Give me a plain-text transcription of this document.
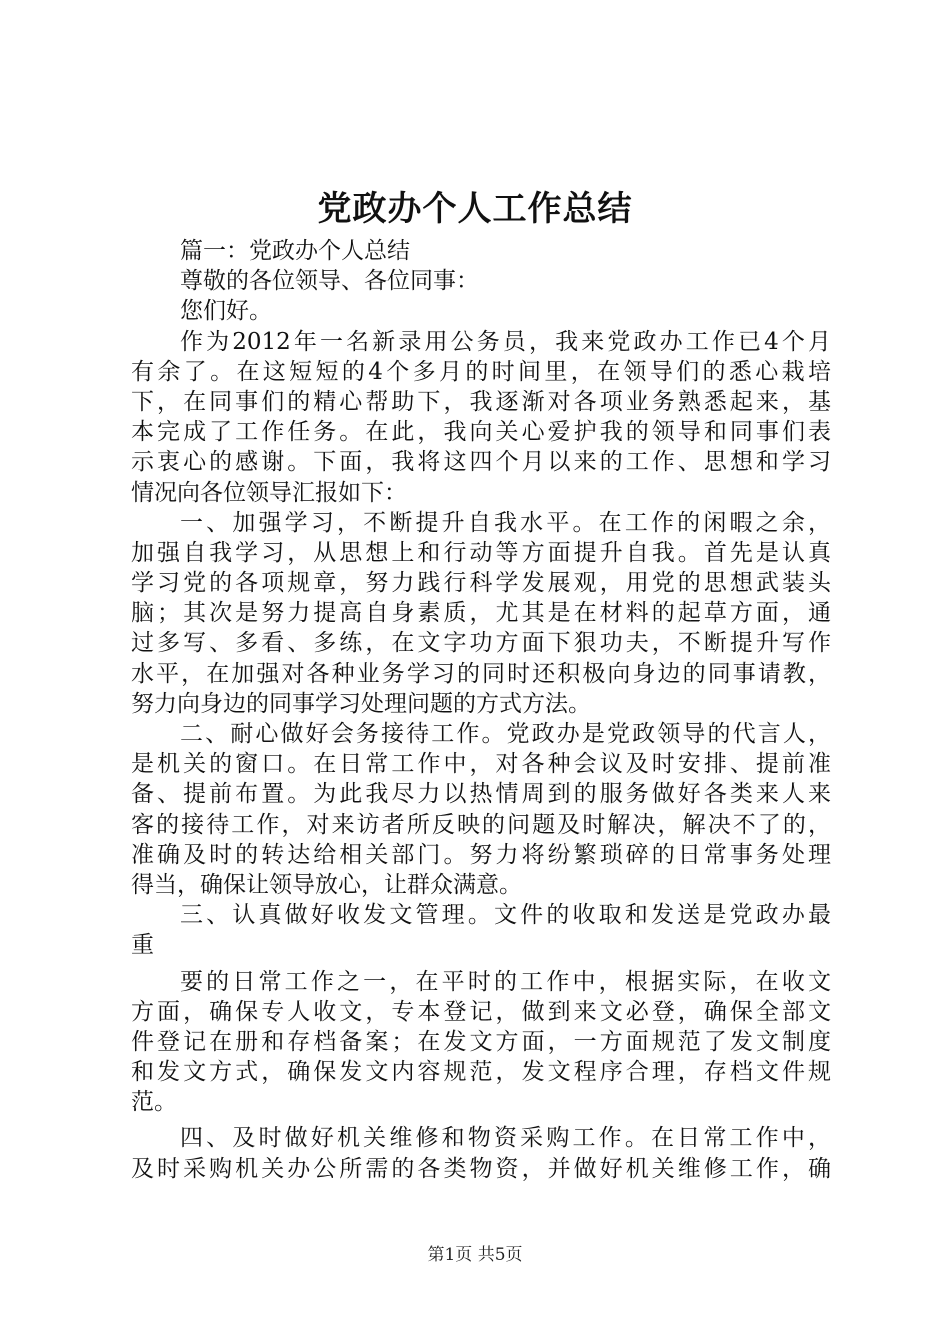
党政办个人工作总结
篇一：党政办个人总结
尊敬的各位领导、各位同事：
您们好。
作为2012年一名新录用公务员，我来党政办工作已4个月
有余了。在这短短的4个多月的时间里，在领导们的悉心栽培
下，在同事们的精心帮助下，我逐渐对各项业务熟悉起来，基
本完成了工作任务。在此，我向关心爱护我的领导和同事们表
示衷心的感谢。下面，我将这四个月以来的工作、思想和学习
情况向各位领导汇报如下：
一、加强学习，不断提升自我水平。在工作的闲暇之余，
加强自我学习，从思想上和行动等方面提升自我。首先是认真
学习党的各项规章，努力践行科学发展观，用党的思想武装头
脑；其次是努力提高自身素质，尤其是在材料的起草方面，通
过多写、多看、多练，在文字功方面下狠功夫，不断提升写作
水平，在加强对各种业务学习的同时还积极向身边的同事请教，
努力向身边的同事学习处理问题的方式方法。
二、耐心做好会务接待工作。党政办是党政领导的代言人，
是机关的窗口。在日常工作中，对各种会议及时安排、提前准
备、提前布置。为此我尽力以热情周到的服务做好各类来人来
客的接待工作，对来访者所反映的问题及时解决，解决不了的，
准确及时的转达给相关部门。努力将纷繁琐碎的日常事务处理
得当，确保让领导放心，让群众满意。
三、认真做好收发文管理。文件的收取和发送是党政办最
重
要的日常工作之一，在平时的工作中，根据实际，在收文
方面，确保专人收文，专本登记，做到来文必登，确保全部文
件登记在册和存档备案；在发文方面，一方面规范了发文制度
和发文方式，确保发文内容规范，发文程序合理，存档文件规
范。
四、及时做好机关维修和物资采购工作。在日常工作中，
及时采购机关办公所需的各类物资，并做好机关维修工作，确
第1页 共5页
